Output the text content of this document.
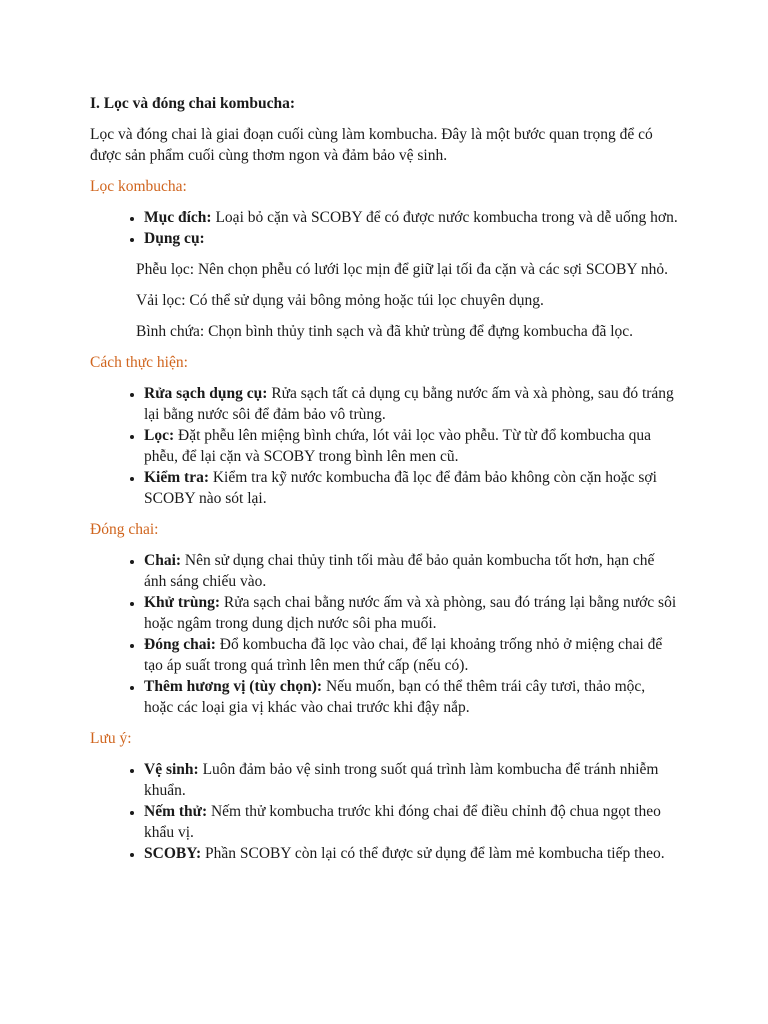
I. Lọc và đóng chai kombucha:

Lọc và đóng chai là giai đoạn cuối cùng làm kombucha. Đây là một bước quan trọng để có được sản phẩm cuối cùng thơm ngon và đảm bảo vệ sinh.

Lọc kombucha:

• Mục đích: Loại bỏ cặn và SCOBY để có được nước kombucha trong và dễ uống hơn.
• Dụng cụ:

Phễu lọc: Nên chọn phễu có lưới lọc mịn để giữ lại tối đa cặn và các sợi SCOBY nhỏ.

Vải lọc: Có thể sử dụng vải bông mỏng hoặc túi lọc chuyên dụng.

Bình chứa: Chọn bình thủy tinh sạch và đã khử trùng để đựng kombucha đã lọc.

Cách thực hiện:

• Rửa sạch dụng cụ: Rửa sạch tất cả dụng cụ bằng nước ấm và xà phòng, sau đó tráng lại bằng nước sôi để đảm bảo vô trùng.
• Lọc: Đặt phễu lên miệng bình chứa, lót vải lọc vào phễu. Từ từ đổ kombucha qua phễu, để lại cặn và SCOBY trong bình lên men cũ.
• Kiểm tra: Kiểm tra kỹ nước kombucha đã lọc để đảm bảo không còn cặn hoặc sợi SCOBY nào sót lại.

Đóng chai:

• Chai: Nên sử dụng chai thủy tinh tối màu để bảo quản kombucha tốt hơn, hạn chế ánh sáng chiếu vào.
• Khử trùng: Rửa sạch chai bằng nước ấm và xà phòng, sau đó tráng lại bằng nước sôi hoặc ngâm trong dung dịch nước sôi pha muối.
• Đóng chai: Đổ kombucha đã lọc vào chai, để lại khoảng trống nhỏ ở miệng chai để tạo áp suất trong quá trình lên men thứ cấp (nếu có).
• Thêm hương vị (tùy chọn): Nếu muốn, bạn có thể thêm trái cây tươi, thảo mộc, hoặc các loại gia vị khác vào chai trước khi đậy nắp.

Lưu ý:

• Vệ sinh: Luôn đảm bảo vệ sinh trong suốt quá trình làm kombucha để tránh nhiễm khuẩn.
• Nếm thử: Nếm thử kombucha trước khi đóng chai để điều chỉnh độ chua ngọt theo khẩu vị.
• SCOBY: Phần SCOBY còn lại có thể được sử dụng để làm mẻ kombucha tiếp theo.
